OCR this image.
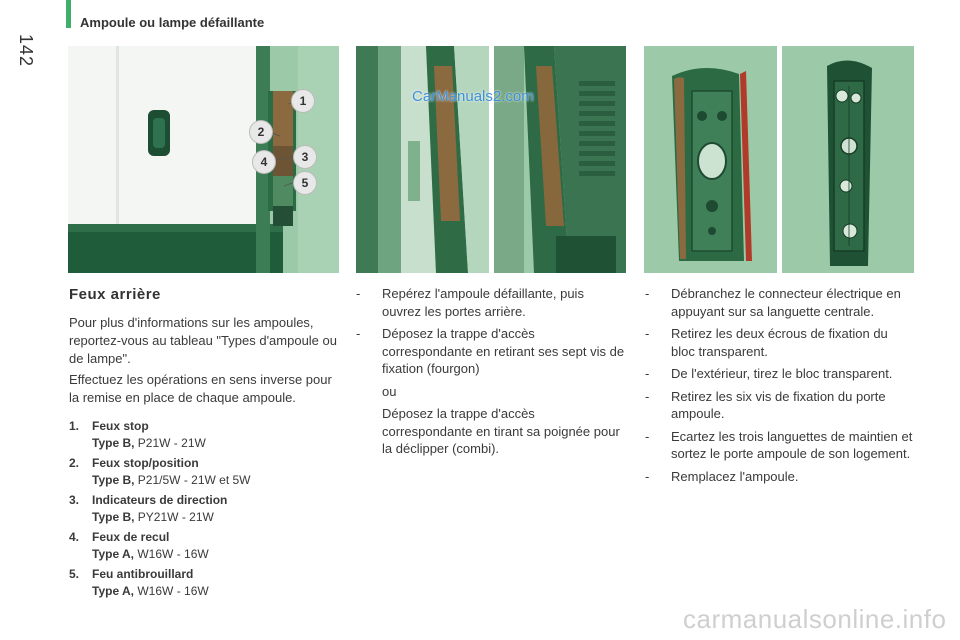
Ampoule ou lampe défaillante
142
1
2
3
4
5
CarManuals2.com
Feux arrière
Pour plus d'informations sur les ampoules, reportez-vous au tableau "Types d'ampoule ou de lampe".
Effectuez les opérations en sens inverse pour la remise en place de chaque ampoule.
1. Feux stop
Type B, P21W - 21W
2. Feux stop/position
Type B, P21/5W - 21W et 5W
3. Indicateurs de direction
Type B, PY21W - 21W
4. Feux de recul
Type A, W16W - 16W
5. Feu antibrouillard
Type A, W16W - 16W
- Repérez l'ampoule défaillante, puis ouvrez les portes arrière.
- Déposez la trappe d'accès correspondante en retirant ses sept vis de fixation (fourgon)
ou
Déposez la trappe d'accès correspondante en tirant sa poignée pour la déclipper (combi).
- Débranchez le connecteur électrique en appuyant sur sa languette centrale.
- Retirez les deux écrous de fixation du bloc transparent.
- De l'extérieur, tirez le bloc transparent.
- Retirez les six vis de fixation du porte ampoule.
- Ecartez les trois languettes de maintien et sortez le porte ampoule de son logement.
- Remplacez l'ampoule.
carmanualsonline.info
